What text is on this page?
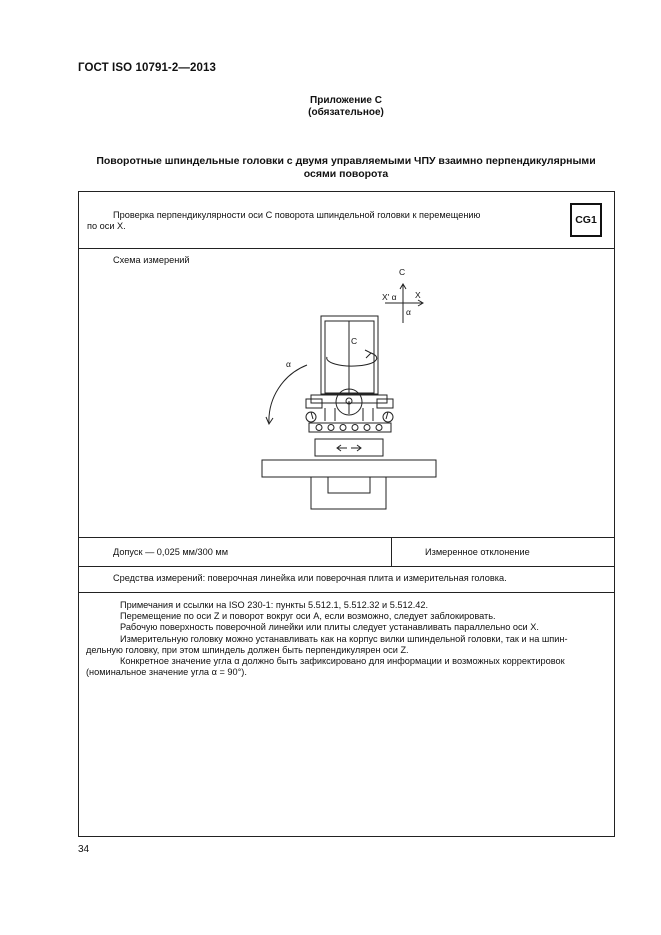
ГОСТ ISO 10791-2—2013
Приложение С
(обязательное)
Поворотные шпиндельные головки с двумя управляемыми ЧПУ взаимно перпендикулярными
осями поворота
Проверка перпендикулярности оси С поворота шпиндельной головки к перемещению
по оси X.
CG1
Схема измерений
C
X' α X
α
C
α
Допуск — 0,025 мм/300 мм	Измеренное отклонение
Средства измерений: поверочная линейка или поверочная плита и измерительная головка.

Примечания и ссылки на ISO 230-1: пункты 5.512.1, 5.512.32 и 5.512.42.

Перемещение по оси Z и поворот вокруг оси А, если возможно, следует заблокировать.

Рабочую поверхность поверочной линейки или плиты следует устанавливать параллельно оси X.

Измерительную головку можно устанавливать как на корпус вилки шпиндельной головки, так и на шпин-

дельную головку, при этом шпиндель должен быть перпендикулярен оси Z.

Конкретное значение угла α должно быть зафиксировано для информации и возможных корректировок

(номинальное значение угла α = 90°).

34
